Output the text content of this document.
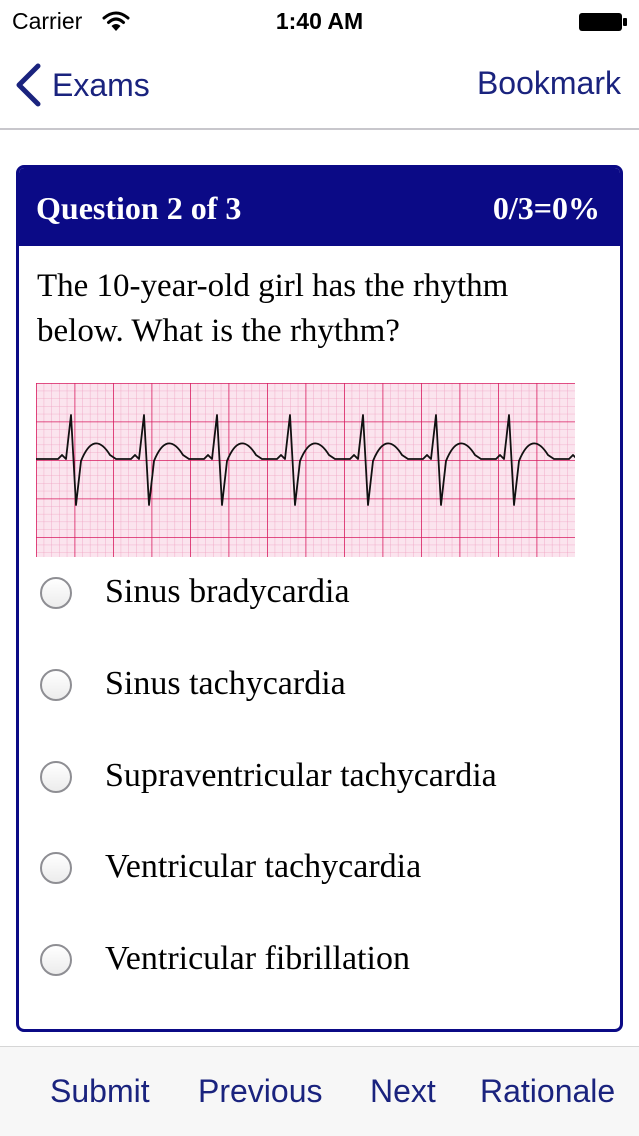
Carrier	1:40 AM
Exams	Bookmark
Question 2 of 3	0/3=0%
The 10-year-old girl has the rhythm below. What is the rhythm?
Sinus bradycardia
Sinus tachycardia
Supraventricular tachycardia
Ventricular tachycardia
Ventricular fibrillation
Submit Previous Next Rationale
